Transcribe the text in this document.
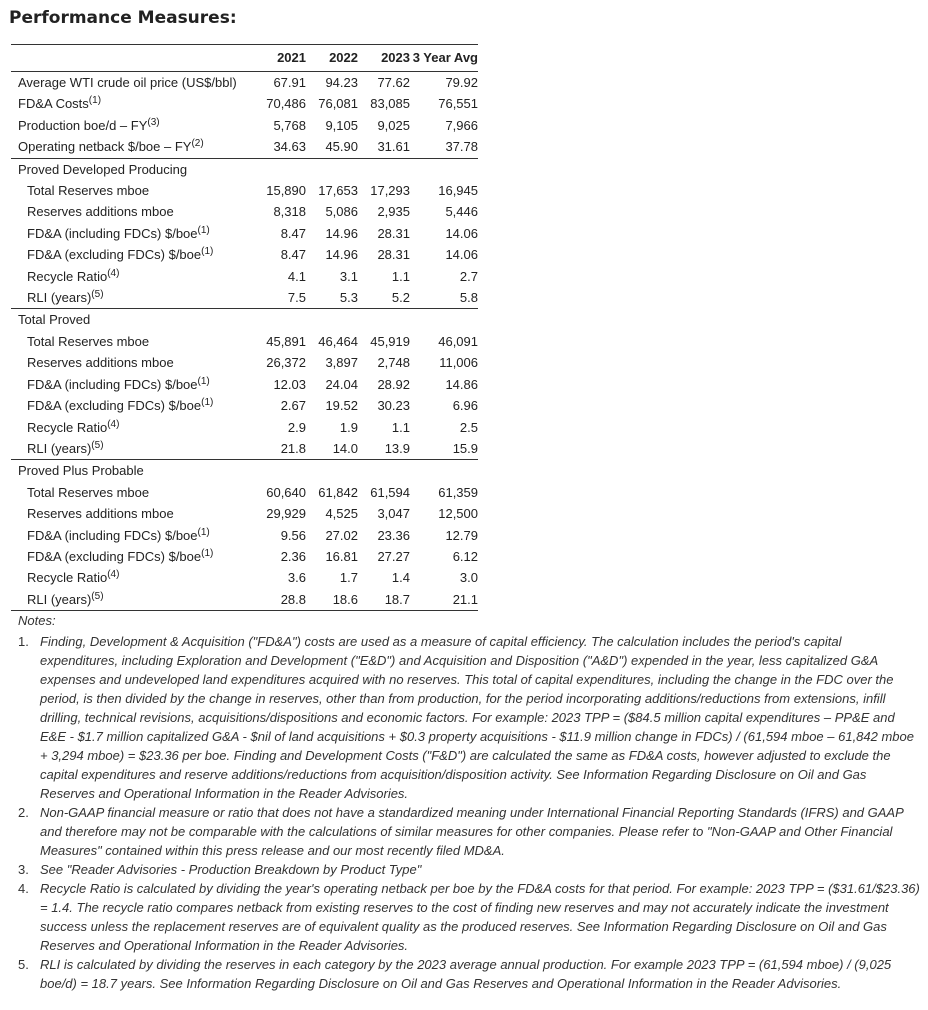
Performance Measures:
	2021	2022	2023	3 Year Avg
Average WTI crude oil price (US$/bbl)	67.91	94.23	77.62	79.92
FD&A Costs$^{(1)}$	70,486	76,081	83,085	76,551
Production boe/d – FY$^{(3)}$	5,768	9,105	9,025	7,966
Operating netback $/boe – FY$^{(2)}$	34.63	45.90	31.61	37.78
Proved Developed Producing				
Total Reserves mboe	15,890	17,653	17,293	16,945
Reserves additions mboe	8,318	5,086	2,935	5,446
FD&A (including FDCs) $/boe$^{(1)}$	8.47	14.96	28.31	14.06
FD&A (excluding FDCs) $/boe$^{(1)}$	8.47	14.96	28.31	14.06
Recycle Ratio$^{(4)}$	4.1	3.1	1.1	2.7
RLI (years)$^{(5)}$	7.5	5.3	5.2	5.8
Total Proved				
Total Reserves mboe	45,891	46,464	45,919	46,091
Reserves additions mboe	26,372	3,897	2,748	11,006
FD&A (including FDCs) $/boe$^{(1)}$	12.03	24.04	28.92	14.86
FD&A (excluding FDCs) $/boe$^{(1)}$	2.67	19.52	30.23	6.96
Recycle Ratio$^{(4)}$	2.9	1.9	1.1	2.5
RLI (years)$^{(5)}$	21.8	14.0	13.9	15.9
Proved Plus Probable				
Total Reserves mboe	60,640	61,842	61,594	61,359
Reserves additions mboe	29,929	4,525	3,047	12,500
FD&A (including FDCs) $/boe$^{(1)}$	9.56	27.02	23.36	12.79
FD&A (excluding FDCs) $/boe$^{(1)}$	2.36	16.81	27.27	6.12
Recycle Ratio$^{(4)}$	3.6	1.7	1.4	3.0
RLI (years)$^{(5)}$	28.8	18.6	18.7	21.1
Notes:
1. Finding, Development & Acquisition ("FD&A") costs are used as a measure of capital efficiency. The calculation includes the period's capital expenditures, including Exploration and Development ("E&D") and Acquisition and Disposition ("A&D") expended in the year, less capitalized G&A expenses and undeveloped land expenditures acquired with no reserves. This total of capital expenditures, including the change in the FDC over the period, is then divided by the change in reserves, other than from production, for the period incorporating additions/reductions from extensions, infill drilling, technical revisions, acquisitions/dispositions and economic factors. For example: 2023 TPP = ($84.5 million capital expenditures – PP&E and E&E - $1.7 million capitalized G&A - $nil of land acquisitions + $0.3 property acquisitions - $11.9 million change in FDCs) / (61,594 mboe – 61,842 mboe + 3,294 mboe) = $23.36 per boe. Finding and Development Costs ("F&D") are calculated the same as FD&A costs, however adjusted to exclude the capital expenditures and reserve additions/reductions from acquisition/disposition activity. See Information Regarding Disclosure on Oil and Gas Reserves and Operational Information in the Reader Advisories.
2. Non-GAAP financial measure or ratio that does not have a standardized meaning under International Financial Reporting Standards (IFRS) and GAAP and therefore may not be comparable with the calculations of similar measures for other companies. Please refer to "Non-GAAP and Other Financial Measures" contained within this press release and our most recently filed MD&A.
3. See "Reader Advisories - Production Breakdown by Product Type"
4. Recycle Ratio is calculated by dividing the year's operating netback per boe by the FD&A costs for that period. For example: 2023 TPP = ($31.61/$23.36) = 1.4. The recycle ratio compares netback from existing reserves to the cost of finding new reserves and may not accurately indicate the investment success unless the replacement reserves are of equivalent quality as the produced reserves. See Information Regarding Disclosure on Oil and Gas Reserves and Operational Information in the Reader Advisories.
5. RLI is calculated by dividing the reserves in each category by the 2023 average annual production. For example 2023 TPP = (61,594 mboe) / (9,025 boe/d) = 18.7 years. See Information Regarding Disclosure on Oil and Gas Reserves and Operational Information in the Reader Advisories.
